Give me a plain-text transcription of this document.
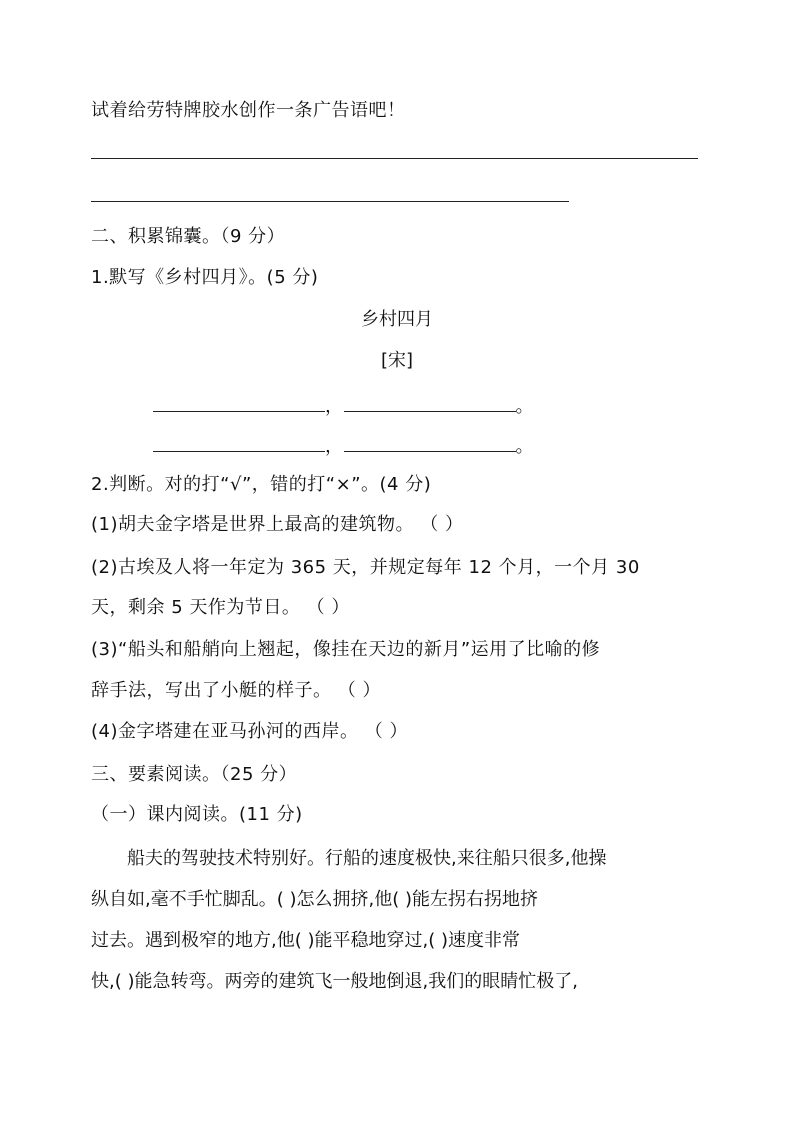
试着给劳特牌胶水创作一条广告语吧！
二、积累锦囊。（9 分）
1.默写《乡村四月》。(5 分)
乡村四月
[宋]
，	。
，	。
2.判断。对的打“√”，错的打“×”。(4 分)
(1)胡夫金字塔是世界上最高的建筑物。 （ ）
(2)古埃及人将一年定为 365 天，并规定每年 12 个月，一个月 30
天，剩余 5 天作为节日。 （ ）
(3)“船头和船艄向上翘起，像挂在天边的新月”运用了比喻的修
辞手法，写出了小艇的样子。 （ ）
(4)金字塔建在亚马孙河的西岸。 （ ）
三、要素阅读。（25 分）
（一）课内阅读。(11 分)
　　船夫的驾驶技术特别好。行船的速度极快,来往船只很多,他操
纵自如,毫不手忙脚乱。( )怎么拥挤,他( )能左拐右拐地挤
过去。遇到极窄的地方,他( )能平稳地穿过,( )速度非常
快,( )能急转弯。两旁的建筑飞一般地倒退,我们的眼睛忙极了,
